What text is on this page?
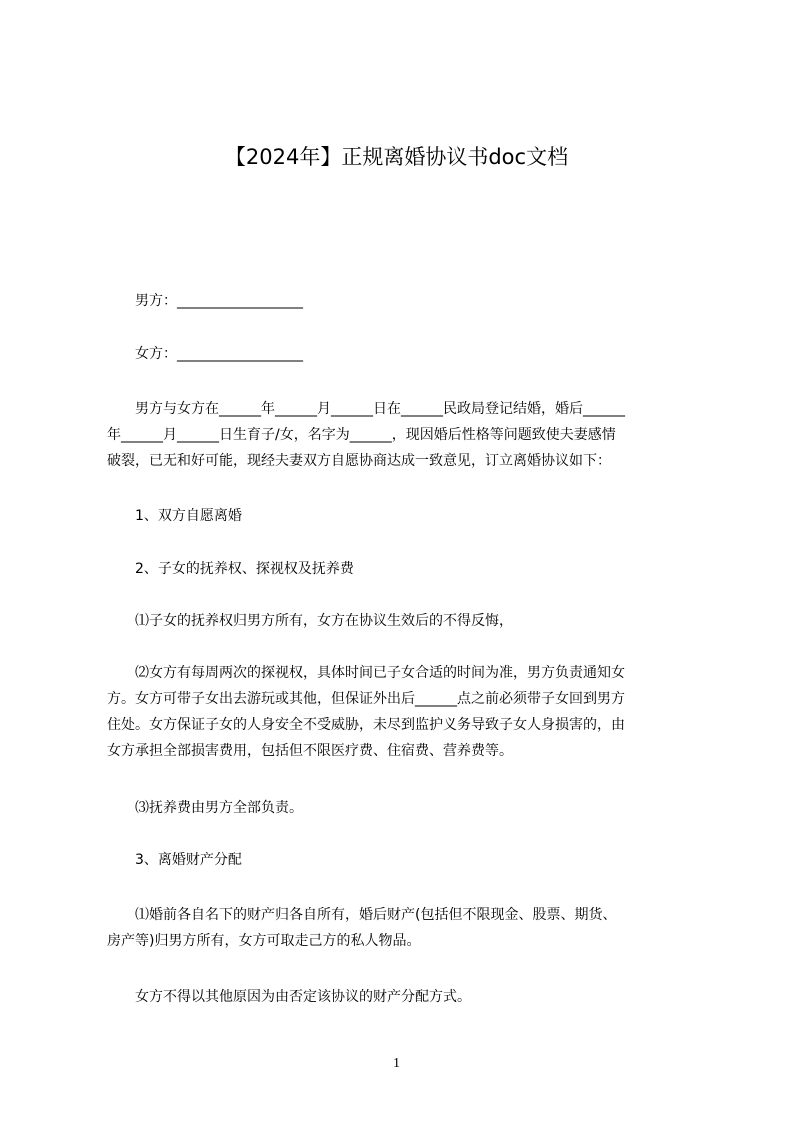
【2024年】正规离婚协议书doc文档
男方：__________________
女方：__________________
男方与女方在______年______月______日在______民政局登记结婚，婚后______
年______月______日生育子/女，名字为______，现因婚后性格等问题致使夫妻感情
破裂，已无和好可能，现经夫妻双方自愿协商达成一致意见，订立离婚协议如下：
1、双方自愿离婚
2、子女的抚养权、探视权及抚养费
⑴子女的抚养权归男方所有，女方在协议生效后的不得反悔，
⑵女方有每周两次的探视权，具体时间已子女合适的时间为准，男方负责通知女
方。女方可带子女出去游玩或其他，但保证外出后______点之前必须带子女回到男方
住处。女方保证子女的人身安全不受威胁，未尽到监护义务导致子女人身损害的，由
女方承担全部损害费用，包括但不限医疗费、住宿费、营养费等。
⑶抚养费由男方全部负责。
3、离婚财产分配
⑴婚前各自名下的财产归各自所有，婚后财产(包括但不限现金、股票、期货、
房产等)归男方所有，女方可取走己方的私人物品。
女方不得以其他原因为由否定该协议的财产分配方式。
1
